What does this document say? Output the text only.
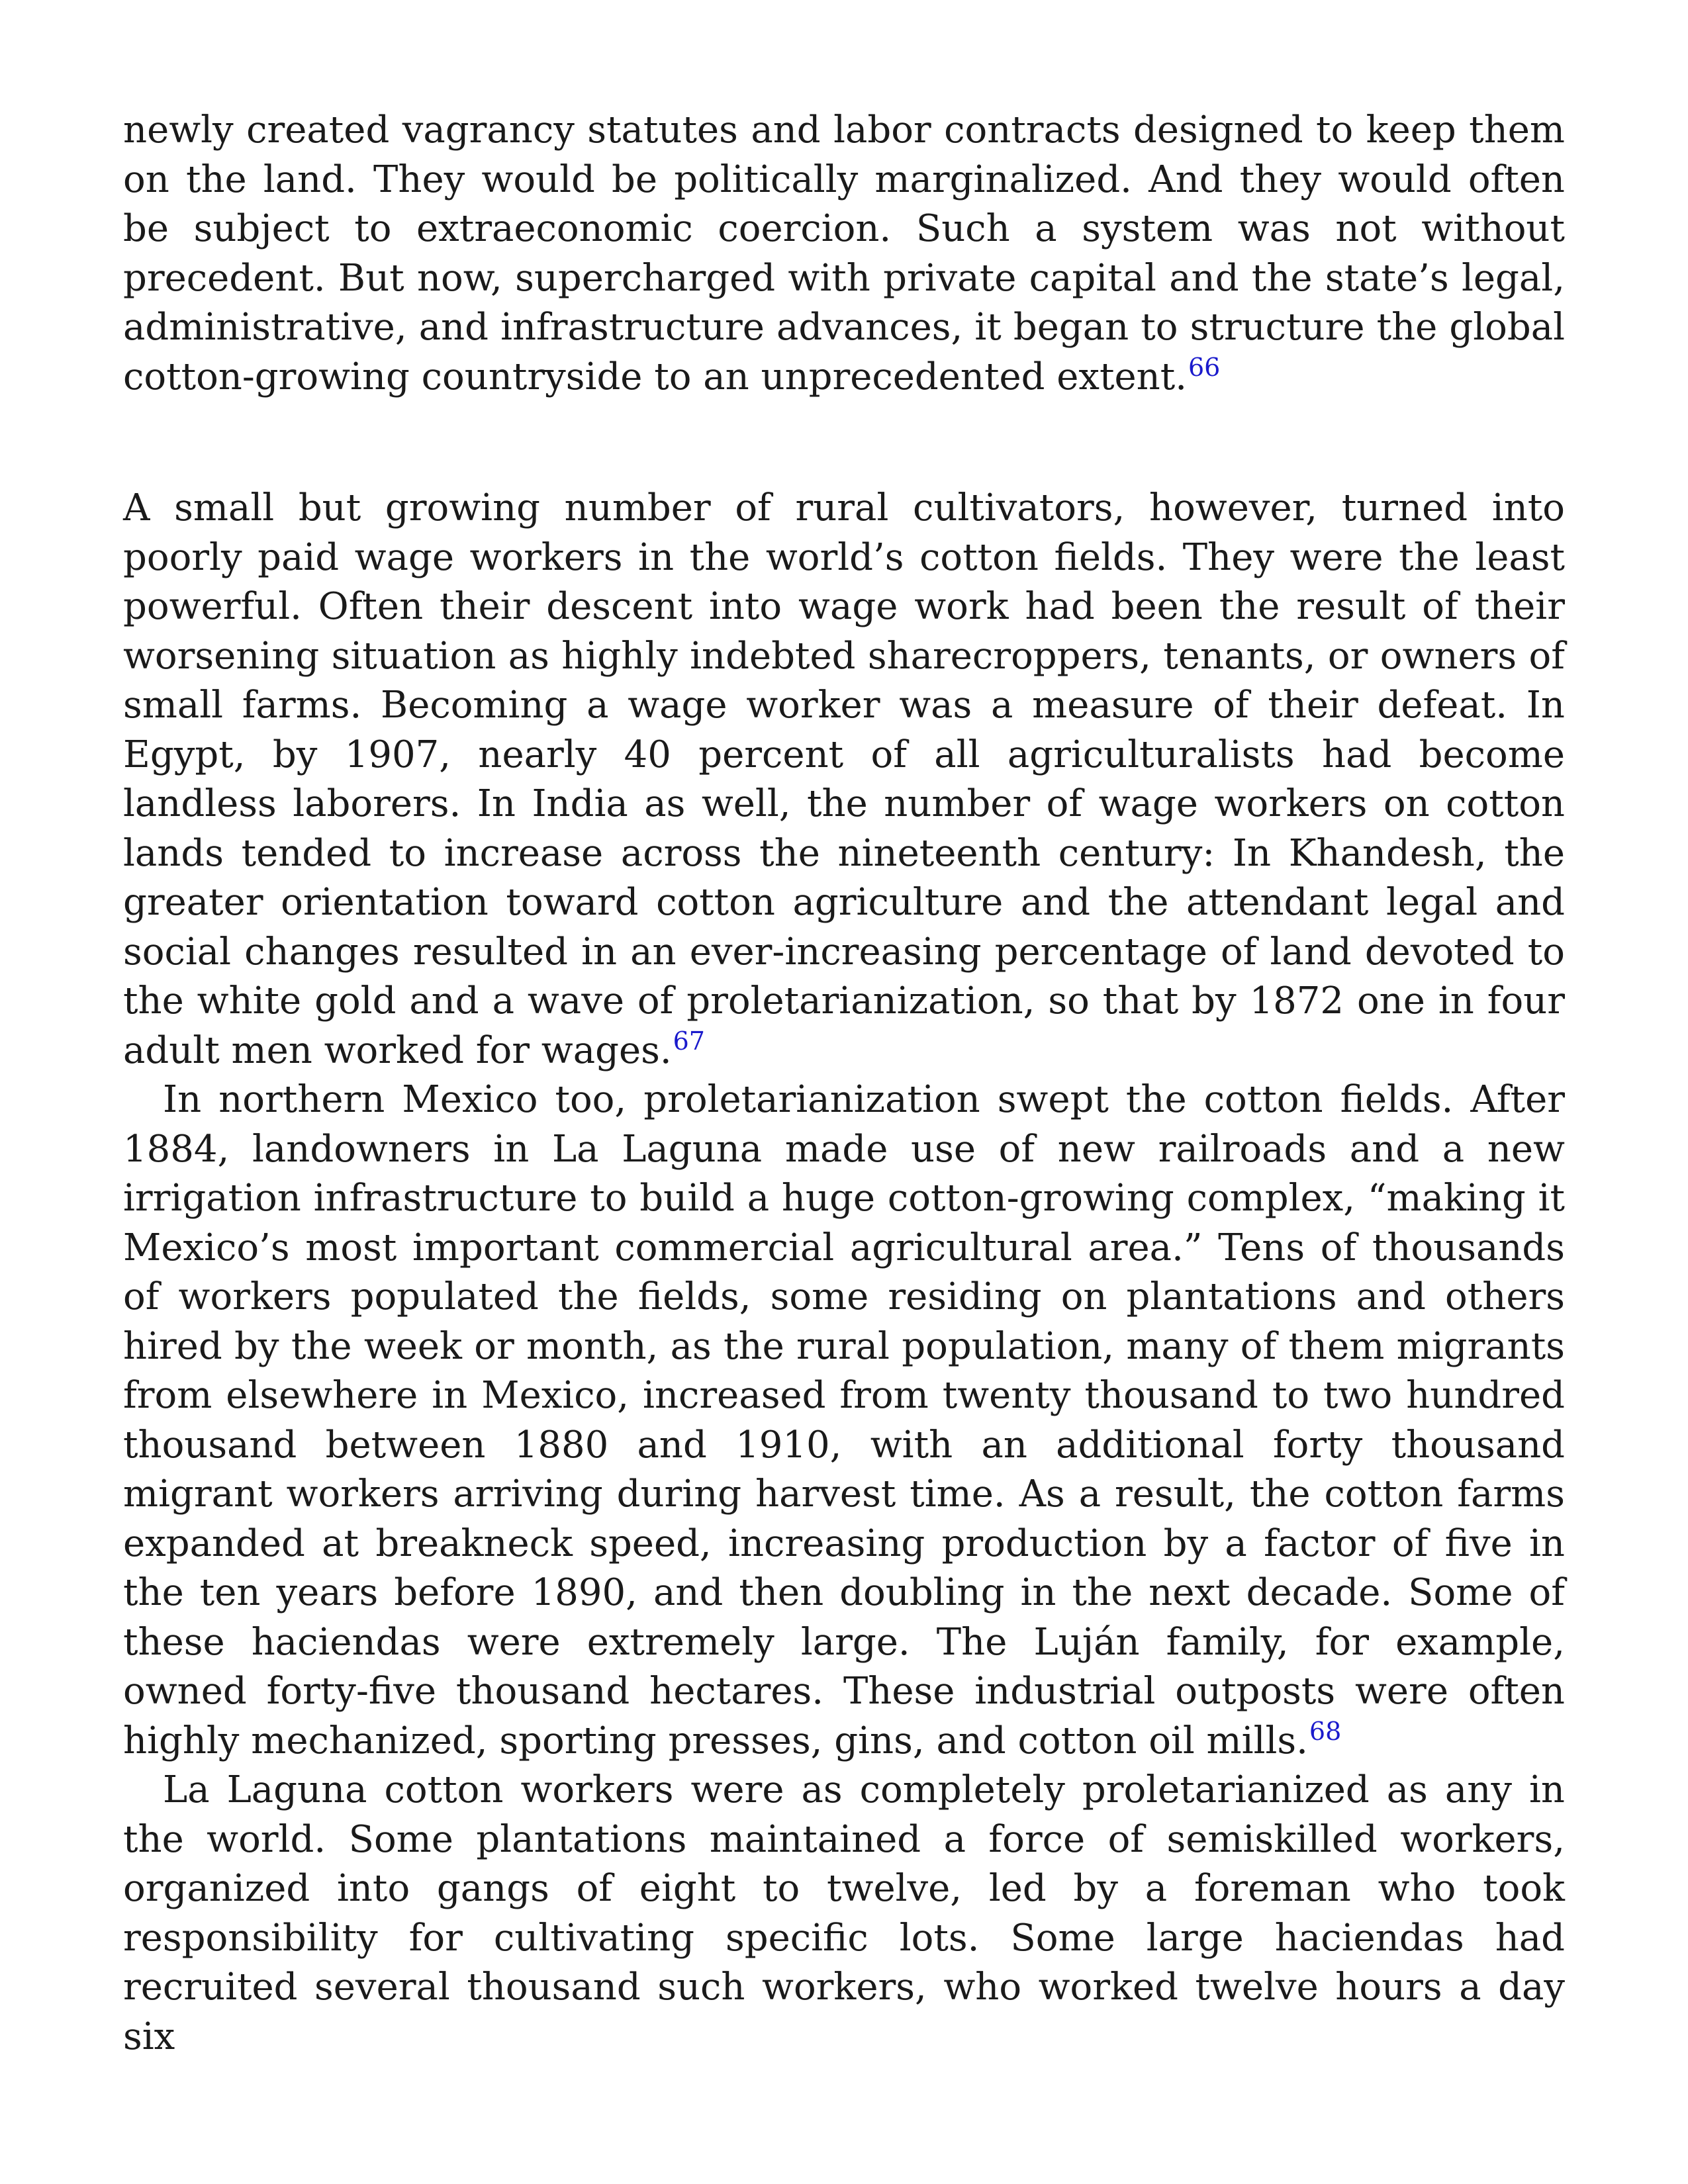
newly created vagrancy statutes and labor contracts designed to keep them on the land. They would be politically marginalized. And they would often be subject to extraeconomic coercion. Such a system was not without precedent. But now, supercharged with private capital and the state’s legal, administrative, and infrastructure advances, it began to structure the global cotton-growing countryside to an unprecedented extent.$^{66}$

A small but growing number of rural cultivators, however, turned into poorly paid wage workers in the world’s cotton fields. They were the least powerful. Often their descent into wage work had been the result of their worsening situation as highly indebted sharecroppers, tenants, or owners of small farms. Becoming a wage worker was a measure of their defeat. In Egypt, by 1907, nearly 40 percent of all agriculturalists had become landless laborers. In India as well, the number of wage workers on cotton lands tended to increase across the nineteenth century: In Khandesh, the greater orientation toward cotton agriculture and the attendant legal and social changes resulted in an ever-increasing percentage of land devoted to the white gold and a wave of proletarianization, so that by 1872 one in four adult men worked for wages.$^{67}$

In northern Mexico too, proletarianization swept the cotton fields. After 1884, landowners in La Laguna made use of new railroads and a new irrigation infrastructure to build a huge cotton-growing complex, “making it Mexico’s most important commercial agricultural area.” Tens of thousands of workers populated the fields, some residing on plantations and others hired by the week or month, as the rural population, many of them migrants from elsewhere in Mexico, increased from twenty thousand to two hundred thousand between 1880 and 1910, with an additional forty thousand migrant workers arriving during harvest time. As a result, the cotton farms expanded at breakneck speed, increasing production by a factor of five in the ten years before 1890, and then doubling in the next decade. Some of these haciendas were extremely large. The Luján family, for example, owned forty-five thousand hectares. These industrial outposts were often highly mechanized, sporting presses, gins, and cotton oil mills.$^{68}$

La Laguna cotton workers were as completely proletarianized as any in the world. Some plantations maintained a force of semiskilled workers, organized into gangs of eight to twelve, led by a foreman who took responsibility for cultivating specific lots. Some large haciendas had recruited several thousand such workers, who worked twelve hours a day six
